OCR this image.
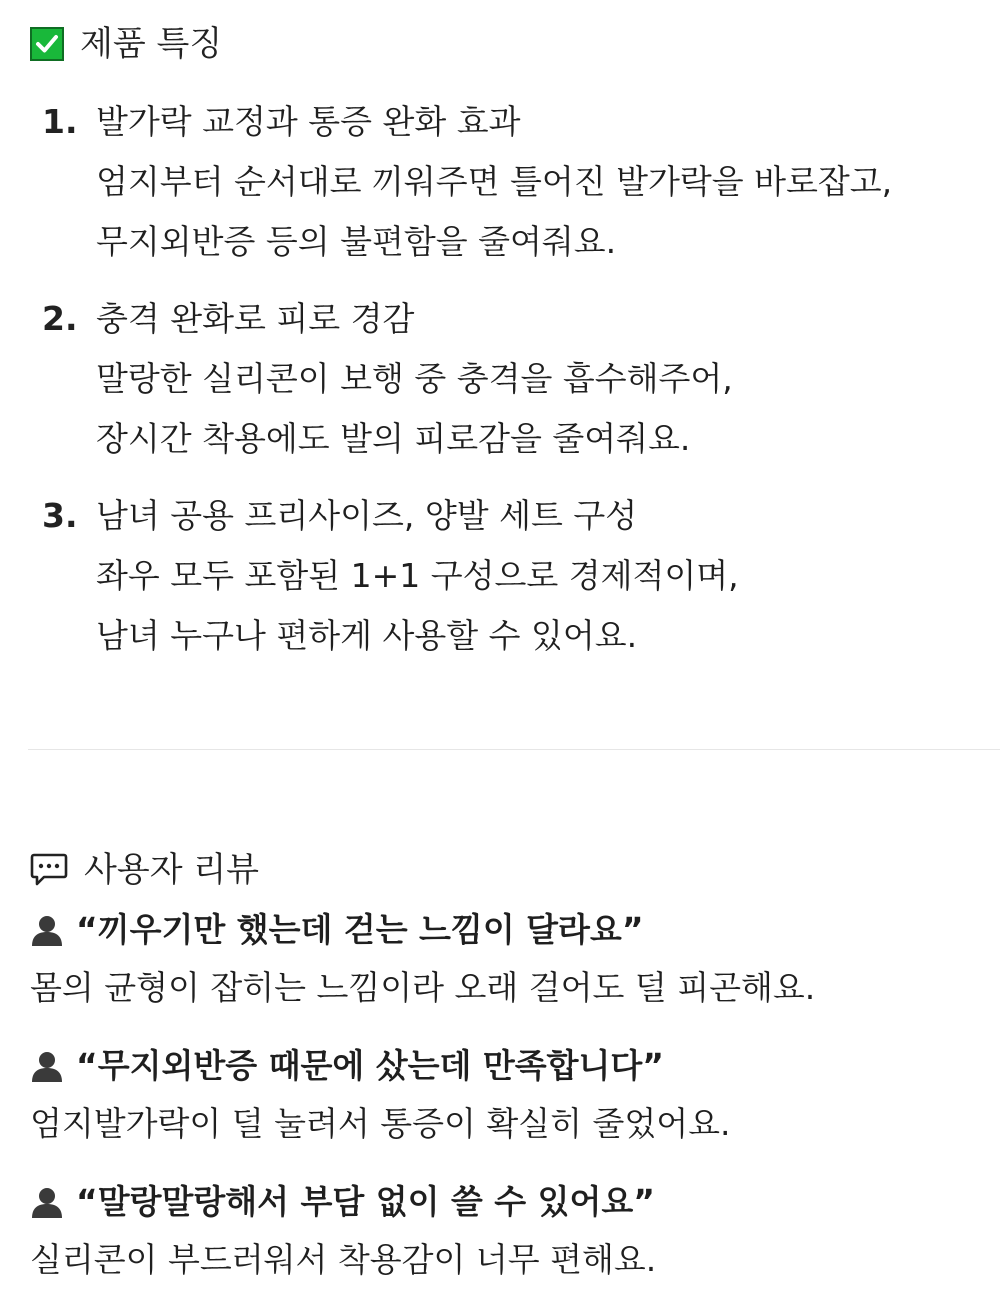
제품 특징
1. 발가락 교정과 통증 완화 효과
엄지부터 순서대로 끼워주면 틀어진 발가락을 바로잡고,
무지외반증 등의 불편함을 줄여줘요.
2. 충격 완화로 피로 경감
말랑한 실리콘이 보행 중 충격을 흡수해주어,
장시간 착용에도 발의 피로감을 줄여줘요.
3. 남녀 공용 프리사이즈, 양발 세트 구성
좌우 모두 포함된 1+1 구성으로 경제적이며,
남녀 누구나 편하게 사용할 수 있어요.
사용자 리뷰
“끼우기만 했는데 걷는 느낌이 달라요”
몸의 균형이 잡히는 느낌이라 오래 걸어도 덜 피곤해요.
“무지외반증 때문에 샀는데 만족합니다”
엄지발가락이 덜 눌려서 통증이 확실히 줄었어요.
“말랑말랑해서 부담 없이 쓸 수 있어요”
실리콘이 부드러워서 착용감이 너무 편해요.
